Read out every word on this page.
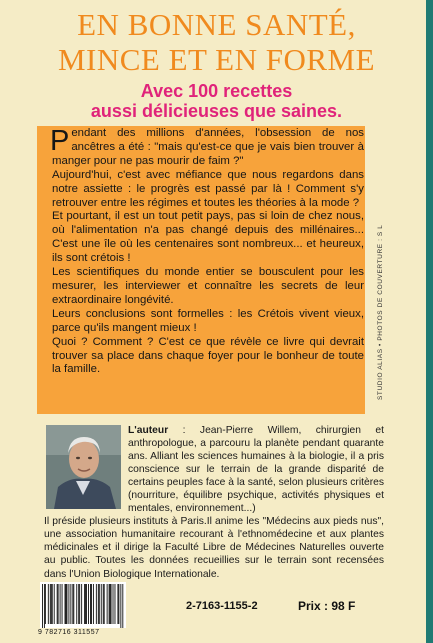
EN BONNE SANTÉ,
MINCE ET EN FORME
Avec 100 recettes
aussi délicieuses que saines.

Pendant des millions d'années, l'obsession de nos ancêtres a été : "mais qu'est-ce que je vais bien trouver à manger pour ne pas mourir de faim ?"

Aujourd'hui, c'est avec méfiance que nous regardons dans notre assiette : le progrès est passé par là ! Comment s'y retrouver entre les régimes et toutes les théories à la mode ?

Et pourtant, il est un tout petit pays, pas si loin de chez nous, où l'alimentation n'a pas changé depuis des millénaires... C'est une île où les centenaires sont nombreux... et heureux, ils sont crétois !

Les scientifiques du monde entier se bousculent pour les mesurer, les interviewer et connaître les secrets de leur extraordinaire longévité.

Leurs conclusions sont formelles : les Crétois vivent vieux, parce qu'ils mangent mieux !

Quoi ? Comment ? C'est ce que révèle ce livre qui devrait trouver sa place dans chaque foyer pour le bonheur de toute la famille.	STUDIO ALIAS • PHOTOS DE COUVERTURE : S L
L'auteur : Jean-Pierre Willem, chirurgien et anthropologue, a parcouru la planète pendant quarante ans. Alliant les sciences humaines à la biologie, il a pris conscience sur le terrain de la grande disparité de certains peuples face à la santé, selon plusieurs critères (nourriture, équilibre psychique, activités physiques et mentales, environnement...)
Il préside plusieurs instituts à Paris.Il anime les "Médecins aux pieds nus", une association humanitaire recourant à l'ethnomédecine et aux plantes médicinales et il dirige la Faculté Libre de Médecines Naturelles ouverte au public. Toutes les données recueillies sur le terrain sont recensées dans l'Union Biologique Internationale.
9 782716 311557
2-7163-1155-2	Prix : 98 F
